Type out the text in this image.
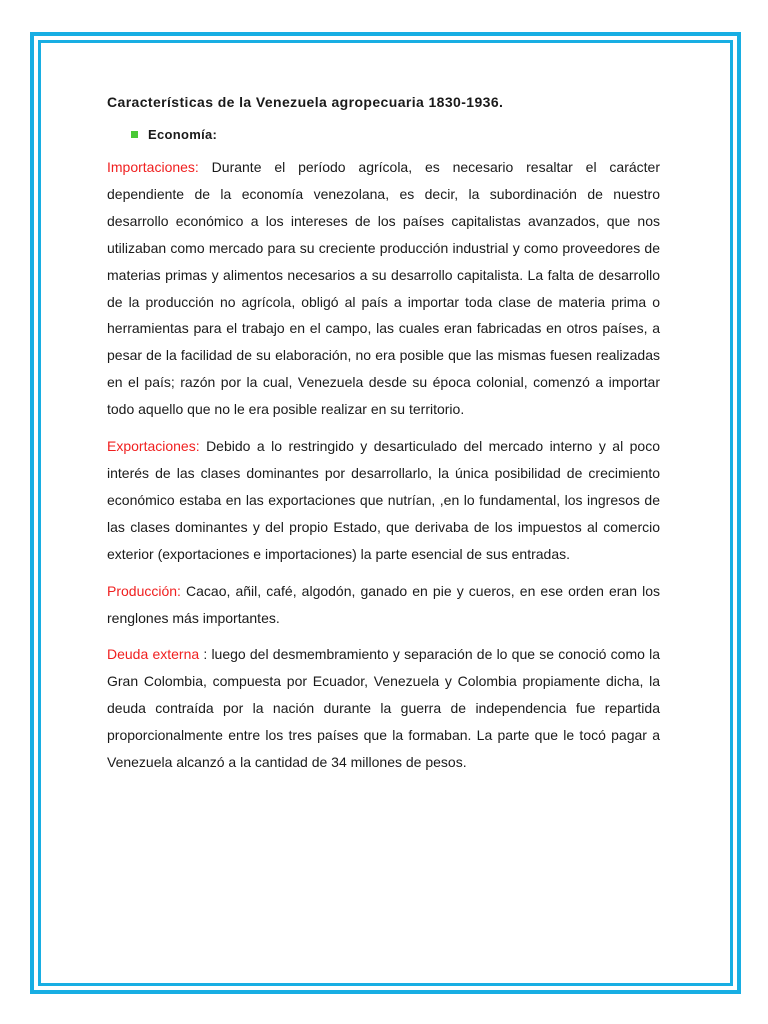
Características de la Venezuela agropecuaria 1830-1936.
Economía:

Importaciones: Durante el período agrícola, es necesario resaltar el carácter dependiente de la economía venezolana, es decir, la subordinación de nuestro desarrollo económico a los intereses de los países capitalistas avanzados, que nos utilizaban como mercado para su creciente producción industrial y como proveedores de materias primas y alimentos necesarios a su desarrollo capitalista. La falta de desarrollo de la producción no agrícola, obligó al país a importar toda clase de materia prima o herramientas para el trabajo en el campo, las cuales eran fabricadas en otros países, a pesar de la facilidad de su elaboración, no era posible que las mismas fuesen realizadas en el país; razón por la cual, Venezuela desde su época colonial, comenzó a importar todo aquello que no le era posible realizar en su territorio.

Exportaciones: Debido a lo restringido y desarticulado del mercado interno y al poco interés de las clases dominantes por desarrollarlo, la única posibilidad de crecimiento económico estaba en las exportaciones que nutrían, ,en lo fundamental, los ingresos de las clases dominantes y del propio Estado, que derivaba de los impuestos al comercio exterior (exportaciones e importaciones) la parte esencial de sus entradas.

Producción: Cacao, añil, café, algodón, ganado en pie y cueros, en ese orden eran los renglones más importantes.

Deuda externa : luego del desmembramiento y separación de lo que se conoció como la Gran Colombia, compuesta por Ecuador, Venezuela y Colombia propiamente dicha, la deuda contraída por la nación durante la guerra de independencia fue repartida proporcionalmente entre los tres países que la formaban. La parte que le tocó pagar a Venezuela alcanzó a la cantidad de 34 millones de pesos.
